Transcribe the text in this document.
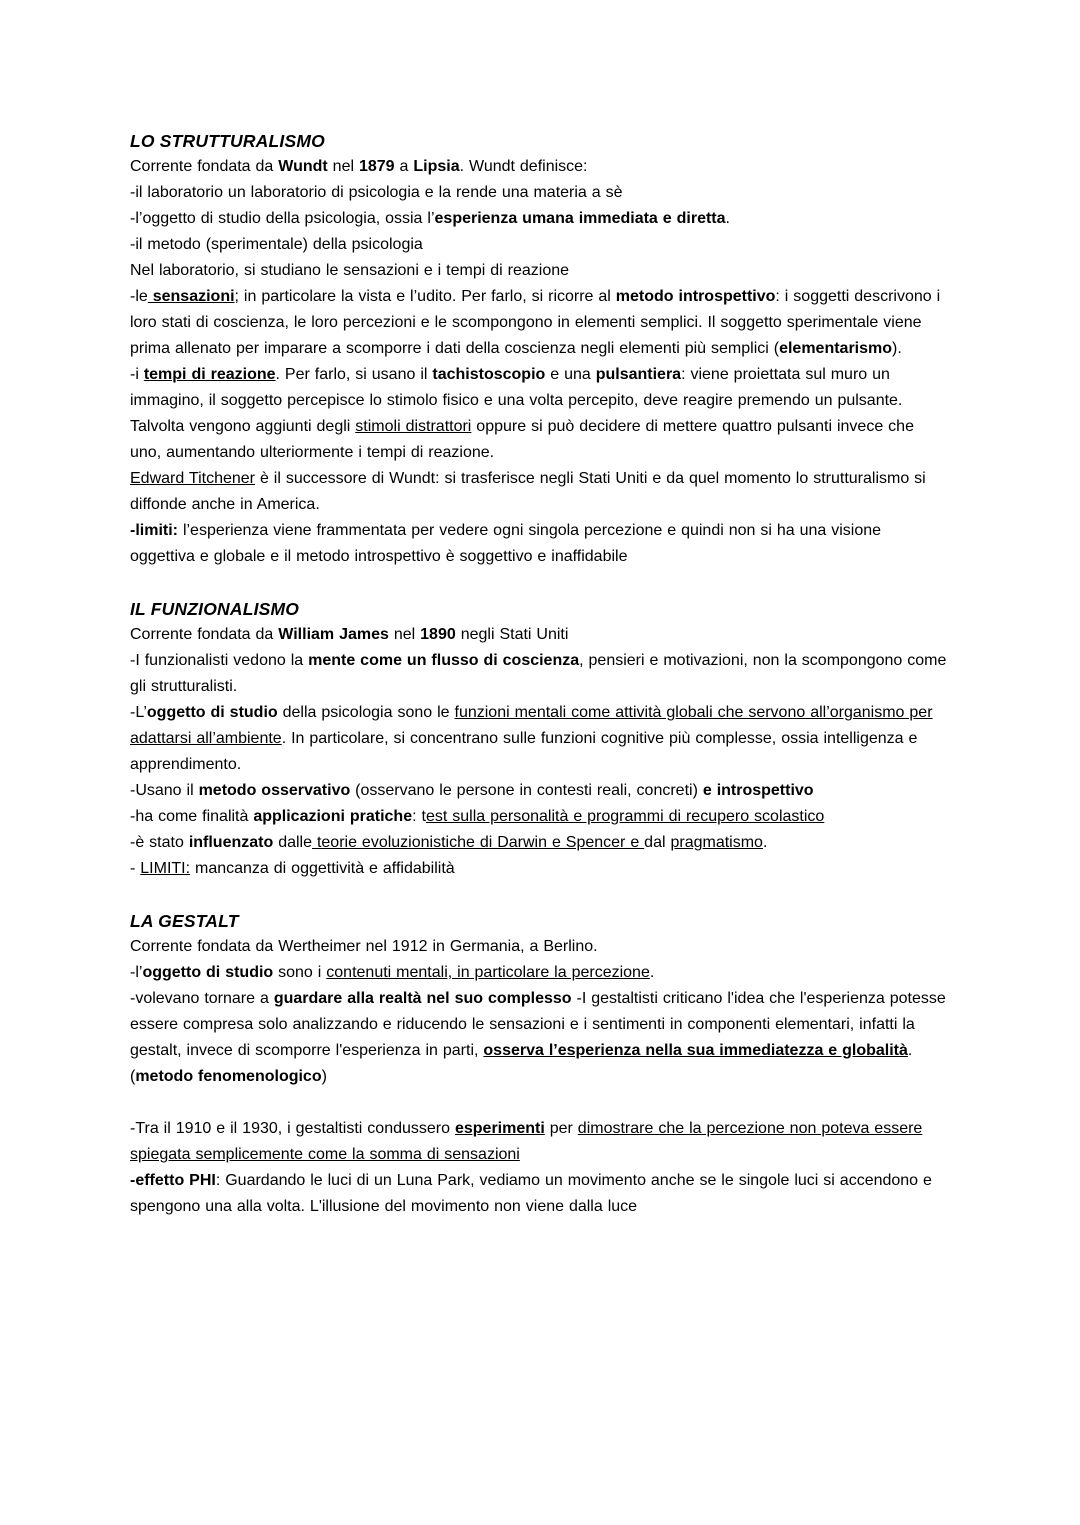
LO STRUTTURALISMO

Corrente fondata da Wundt nel 1879 a Lipsia. Wundt definisce:

-il laboratorio un laboratorio di psicologia e la rende una materia a sè

-l’oggetto di studio della psicologia, ossia l’esperienza umana immediata e diretta.

-il metodo (sperimentale) della psicologia

Nel laboratorio, si studiano le sensazioni e i tempi di reazione

-le sensazioni; in particolare la vista e l’udito. Per farlo, si ricorre al metodo introspettivo: i soggetti descrivono i loro stati di coscienza, le loro percezioni e le scompongono in elementi semplici. Il soggetto sperimentale viene prima allenato per imparare a scomporre i dati della coscienza negli elementi più semplici (elementarismo).

-i tempi di reazione. Per farlo, si usano il tachistoscopio e una pulsantiera: viene proiettata sul muro un immagino, il soggetto percepisce lo stimolo fisico e una volta percepito, deve reagire premendo un pulsante. Talvolta vengono aggiunti degli stimoli distrattori oppure si può decidere di mettere quattro pulsanti invece che uno, aumentando ulteriormente i tempi di reazione.

Edward Titchener è il successore di Wundt: si trasferisce negli Stati Uniti e da quel momento lo strutturalismo si diffonde anche in America.

-limiti: l’esperienza viene frammentata per vedere ogni singola percezione e quindi non si ha una visione oggettiva e globale e il metodo introspettivo è soggettivo e inaffidabile

IL FUNZIONALISMO

Corrente fondata da William James nel 1890 negli Stati Uniti

-I funzionalisti vedono la mente come un flusso di coscienza, pensieri e motivazioni, non la scompongono come gli strutturalisti.

-L’oggetto di studio della psicologia sono le funzioni mentali come attività globali che servono all’organismo per adattarsi all’ambiente. In particolare, si concentrano sulle funzioni cognitive più complesse, ossia intelligenza e apprendimento.

-Usano il metodo osservativo (osservano le persone in contesti reali, concreti) e introspettivo

-ha come finalità applicazioni pratiche: test sulla personalità e programmi di recupero scolastico

-è stato influenzato dalle teorie evoluzionistiche di Darwin e Spencer e dal pragmatismo.

- LIMITI: mancanza di oggettività e affidabilità

LA GESTALT

Corrente fondata da Wertheimer nel 1912 in Germania, a Berlino.

-l’oggetto di studio sono i contenuti mentali, in particolare la percezione.

-volevano tornare a guardare alla realtà nel suo complesso -I gestaltisti criticano l'idea che l'esperienza potesse essere compresa solo analizzando e riducendo le sensazioni e i sentimenti in componenti elementari, infatti la gestalt, invece di scomporre l'esperienza in parti, osserva l’esperienza nella sua immediatezza e globalità.

(metodo fenomenologico)

-Tra il 1910 e il 1930, i gestaltisti condussero esperimenti per dimostrare che la percezione non poteva essere spiegata semplicemente come la somma di sensazioni

-effetto PHI: Guardando le luci di un Luna Park, vediamo un movimento anche se le singole luci si accendono e spengono una alla volta. L'illusione del movimento non viene dalla luce
